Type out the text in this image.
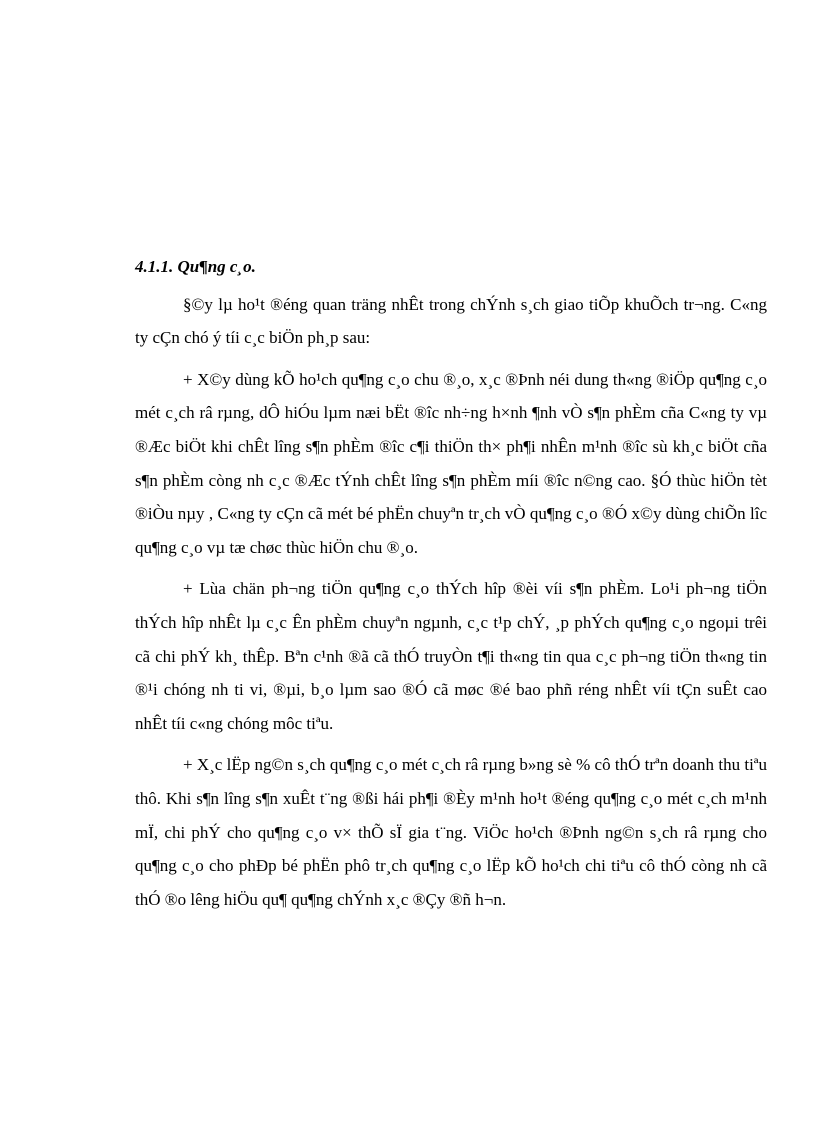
4.1.1. Qu¶ng c¸o.

§©y lµ ho¹t ®éng quan träng nhÊt trong chÝnh s¸ch giao tiÕp khuÕch tr¬ng. C«ng ty cÇn chó ý tíi c¸c biÖn ph¸p sau:

+ X©y dùng kÕ ho¹ch qu¶ng c¸o chu ®¸o, x¸c ®Þnh néi dung th«ng ®iÖp qu¶ng c¸o mét c¸ch râ rµng, dÔ hiÓu lµm næi bËt ®îc nh÷ng h×nh ¶nh vÒ s¶n phÈm cña C«ng ty vµ ®Æc biÖt khi chÊt lîng s¶n phÈm ®îc c¶i thiÖn th× ph¶i nhÊn m¹nh ®îc sù kh¸c biÖt cña s¶n phÈm còng nh c¸c ®Æc tÝnh chÊt lîng s¶n phÈm míi ®îc n©ng cao. §Ó thùc hiÖn tèt ®iÒu nµy , C«ng ty cÇn cã mét bé phËn chuyªn tr¸ch vÒ qu¶ng c¸o ®Ó x©y dùng chiÕn lîc qu¶ng c¸o vµ tæ chøc thùc hiÖn chu ®¸o.

+ Lùa chän ph¬ng tiÖn qu¶ng c¸o thÝch hîp ®èi víi s¶n phÈm. Lo¹i ph¬ng tiÖn thÝch hîp nhÊt lµ c¸c Ên phÈm chuyªn ngµnh, c¸c t¹p chÝ, ¸p phÝch qu¶ng c¸o ngoµi trêi cã chi phÝ kh¸ thÊp. Bªn c¹nh ®ã cã thÓ truyÒn t¶i th«ng tin qua c¸c ph¬ng tiÖn th«ng tin ®¹i chóng nh ti vi, ®µi, b¸o lµm sao ®Ó cã møc ®é bao phñ réng nhÊt víi tÇn suÊt cao nhÊt tíi c«ng chóng môc tiªu.

+ X¸c lËp ng©n s¸ch qu¶ng c¸o mét c¸ch râ rµng b»ng sè % cô thÓ trªn doanh thu tiªu thô. Khi s¶n lîng s¶n xuÊt t¨ng ®ßi hái ph¶i ®Èy m¹nh ho¹t ®éng qu¶ng c¸o mét c¸ch m¹nh mÏ, chi phÝ cho qu¶ng c¸o v× thÕ sÏ gia t¨ng. ViÖc ho¹ch ®Þnh ng©n s¸ch râ rµng cho qu¶ng c¸o cho phÐp bé phËn phô tr¸ch qu¶ng c¸o lËp kÕ ho¹ch chi tiªu cô thÓ còng nh cã thÓ ®o lêng hiÖu qu¶ qu¶ng chÝnh x¸c ®Çy ®ñ h¬n.
